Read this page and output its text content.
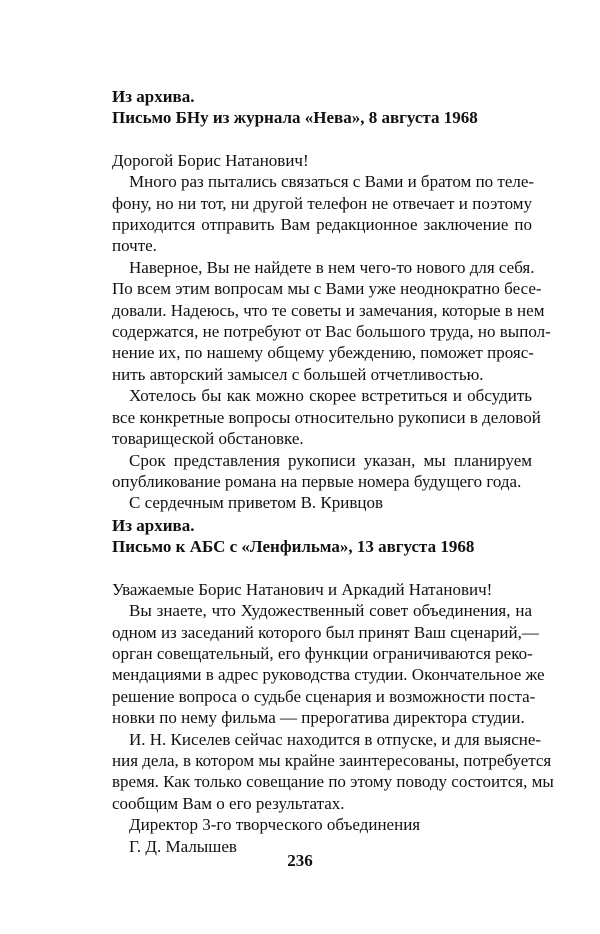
Из архива.
Письмо БНу из журнала «Нева», 8 августа 1968

Дорогой Борис Натанович!

Много раз пытались связаться с Вами и братом по теле-
фону, но ни тот, ни другой телефон не отвечает и поэтому
приходится отправить Вам редакционное заключение по
почте.

Наверное, Вы не найдете в нем чего-то нового для себя.
По всем этим вопросам мы с Вами уже неоднократно бесе-
довали. Надеюсь, что те советы и замечания, которые в нем
содержатся, не потребуют от Вас большого труда, но выпол-
нение их, по нашему общему убеждению, поможет прояс-
нить авторский замысел с большей отчетливостью.

Хотелось бы как можно скорее встретиться и обсудить
все конкретные вопросы относительно рукописи в деловой
товарищеской обстановке.

Срок представления рукописи указан, мы планируем
опубликование романа на первые номера будущего года.

С сердечным приветом В. Кривцов

Из архива.
Письмо к АБС с «Ленфильма», 13 августа 1968

Уважаемые Борис Натанович и Аркадий Натанович!

Вы знаете, что Художественный совет объединения, на
одном из заседаний которого был принят Ваш сценарий,—
орган совещательный, его функции ограничиваются реко-
мендациями в адрес руководства студии. Окончательное же
решение вопроса о судьбе сценария и возможности поста-
новки по нему фильма — прерогатива директора студии.

И. Н. Киселев сейчас находится в отпуске, и для выясне-
ния дела, в котором мы крайне заинтересованы, потребуется
время. Как только совещание по этому поводу состоится, мы
сообщим Вам о его результатах.

Директор 3-го творческого объединения

Г. Д. Малышев

236
